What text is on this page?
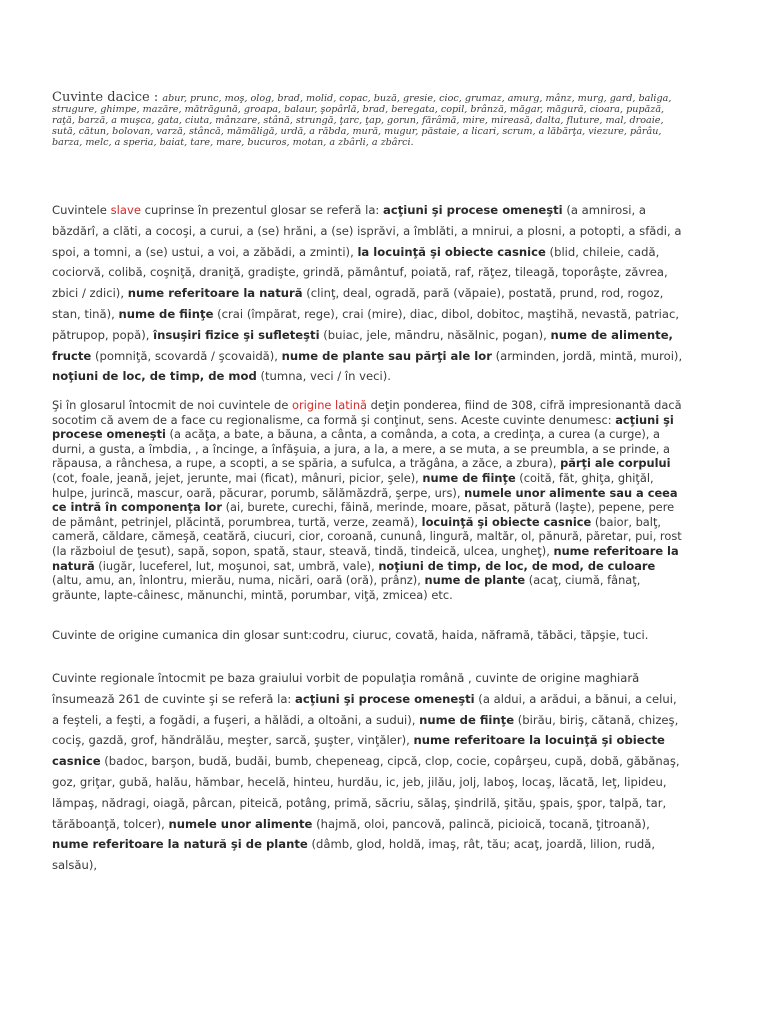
Cuvinte dacice : abur, prunc, moş, olog, brad, molid, copac, buză, gresie, cioc, grumaz, amurg, mânz, murg, gard, baliga, strugure, ghimpe, mazăre, mătrăgună, groapa, balaur, şopârlă, brad, beregata, copil, brânză, măgar, măgură, cioara, pupăză, raţă, barză, a muşca, gata, ciuta, mânzare, stână, strungă, ţarc, ţap, gorun, fărâmă, mire, mireasă, dalta, fluture, mal, droaie, sută, cătun, bolovan, varză, stâncă, mămăligă, urdă, a răbda, mură, mugur, păstaie, a licari, scrum, a lăbărţa, viezure, pârâu, barza, melc, a speria, baiat, tare, mare, bucuros, motan, a zbârli, a zbârci.

Cuvintele slave cuprinse în prezentul glosar se referă la: acţiuni şi procese omeneşti (a amnirosi, a băzdărî, a clăti, a cocoşi, a curui, a (se) hrăni, a (se) isprăvi, a îmblăti, a mnirui, a plosni, a potopti, a sfădi, a spoi, a tomni, a (se) ustui, a voi, a zăbădi, a zminti), la locuinţă şi obiecte casnice (blid, chileie, cadă, cociorvă, colibă, coşniţă, draniţă, gradişte, grindă, pământuf, poiată, raf, răţez, tileagă, toporâşte, zăvrea, zbici / zdici), nume referitoare la natură (clinţ, deal, ogradă, pară (văpaie), postată, prund, rod, rogoz, stan, tină), nume de fiinţe (crai (împărat, rege), crai (mire), diac, dibol, dobitoc, maştihă, nevastă, patriac, pătrupop, popă), însuşiri fizice şi sufleteşti (buiac, jele, māndru, năsălnic, pogan), nume de alimente, fructe (pomniţă, scovardă / şcovaidă), nume de plante sau părţi ale lor (arminden, jordă, mintă, muroi), noţiuni de loc, de timp, de mod (tumna, veci / în veci).

Şi în glosarul întocmit de noi cuvintele de origine latină deţin ponderea, fiind de 308, cifră impresionantă dacă socotim că avem de a face cu regionalisme, ca formă şi conţinut, sens. Aceste cuvinte denumesc: acţiuni şi procese omeneşti (a acăţa, a bate, a băuna, a cânta, a comânda, a cota, a credinţa, a curea (a curge), a durni, a gusta, a îmbdia, , a încinge, a înfăşuia, a jura, a la, a mere, a se muta, a se preumbla, a se prinde, a răpausa, a rânchesa, a rupe, a scopti, a se spăria, a sufulca, a trăgâna, a zăce, a zbura), părţi ale corpului (cot, foale, jeană, jejet, jerunte, mai (ficat), mânuri, picior, şele), nume de fiinţe (coită, făt, ghiţa, ghiţăl, hulpe, jurincă, mascur, oară, păcurar, porumb, sălămăzdră, şerpe, urs), numele unor alimente sau a ceea ce intră în componenţa lor (ai, burete, curechi, făină, merinde, moare, păsat, pătură (laşte), pepene, pere de pământ, petrinjel, plăcintă, porumbrea, turtă, verze, zeamă), locuinţă şi obiecte casnice (baior, balţ, cameră, căldare, cămeşă, ceatără, ciucuri, cior, coroană, cununâ, lingură, maltăr, ol, pănură, păretar, pui, rost (la războiul de ţesut), sapă, sopon, spată, staur, steavă, tindă, tindeică, ulcea, ungheţ), nume referitoare la natură (iugăr, luceferel, lut, moşunoi, sat, umbră, vale), noţiuni de timp, de loc, de mod, de culoare (altu, amu, an, înlontru, mierău, numa, nicări, oară (oră), prânz), nume de plante (acaţ, ciumă, fânaţ, grăunte, lapte-câinesc, mănunchi, mintă, porumbar, viţă, zmicea) etc.

Cuvinte de origine cumanica din glosar sunt:codru, ciuruc, covată, haida, năframă, tăbăci, tăpşie, tuci.

Cuvinte regionale întocmit pe baza graiului vorbit de populaţia română , cuvinte de origine maghiară însumează 261 de cuvinte şi se referă la: acţiuni şi procese omeneşti (a aldui, a arădui, a bănui, a celui, a feşteli, a feşti, a fogădi, a fuşeri, a hălădi, a oltoăni, a sudui), nume de fiinţe (birău, biriş, cătană, chizeş, cociş, gazdă, grof, hăndrălău, meşter, sarcă, şuşter, vinţăler), nume referitoare la locuinţă şi obiecte casnice (badoc, barşon, budă, budăi, bumb, chepeneag, cipcă, clop, cocie, copârşeu, cupă, dobă, găbănaş, goz, griţar, gubă, halău, hămbar, hecelă, hinteu, hurdău, ic, jeb, jilău, jolj, laboş, locaş, lăcată, leţ, lipideu, lămpaş, nădragi, oiagă, pârcan, piteică, potâng, primă, săcriu, sălaş, şindrilă, şitău, şpais, şpor, talpă, tar, tărăboanţă, tolcer), numele unor alimente (hajmă, oloi, pancovă, palincă, picioică, tocană, ţitroană), nume referitoare la natură şi de plante (dâmb, glod, holdă, imaş, rât, tău; acaţ, joardă, lilion, rudă, salsău),
